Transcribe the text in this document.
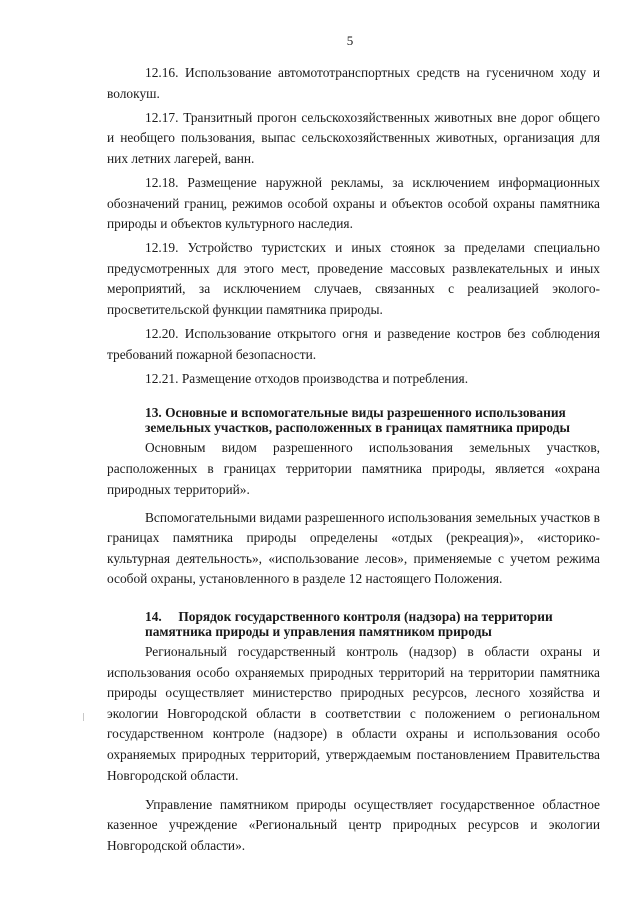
5

12.16. Использование автомототранспортных средств на гусеничном ходу и волокуш.

12.17. Транзитный прогон сельскохозяйственных животных вне дорог общего и необщего пользования, выпас сельскохозяйственных животных, организация для них летних лагерей, ванн.

12.18. Размещение наружной рекламы, за исключением информационных обозначений границ, режимов особой охраны и объектов особой охраны памятника природы и объектов культурного наследия.

12.19. Устройство туристских и иных стоянок за пределами специально предусмотренных для этого мест, проведение массовых развлекательных и иных мероприятий, за исключением случаев, связанных с реализацией эколого-просветительской функции памятника природы.

12.20. Использование открытого огня и разведение костров без соблюдения требований пожарной безопасности.

12.21. Размещение отходов производства и потребления.

13. Основные и вспомогательные виды разрешенного использования земельных участков, расположенных в границах памятника природы

Основным видом разрешенного использования земельных участков, расположенных в границах территории памятника природы, является «охрана природных территорий».

Вспомогательными видами разрешенного использования земельных участков в границах памятника природы определены «отдых (рекреация)», «историко-культурная деятельность», «использование лесов», применяемые с учетом режима особой охраны, установленного в разделе 12 настоящего Положения.

14. Порядок государственного контроля (надзора) на территории памятника природы и управления памятником природы

Региональный государственный контроль (надзор) в области охраны и использования особо охраняемых природных территорий на территории памятника природы осуществляет министерство природных ресурсов, лесного хозяйства и экологии Новгородской области в соответствии с положением о региональном государственном контроле (надзоре) в области охраны и использования особо охраняемых природных территорий, утверждаемым постановлением Правительства Новгородской области.

Управление памятником природы осуществляет государственное областное казенное учреждение «Региональный центр природных ресурсов и экологии Новгородской области».
